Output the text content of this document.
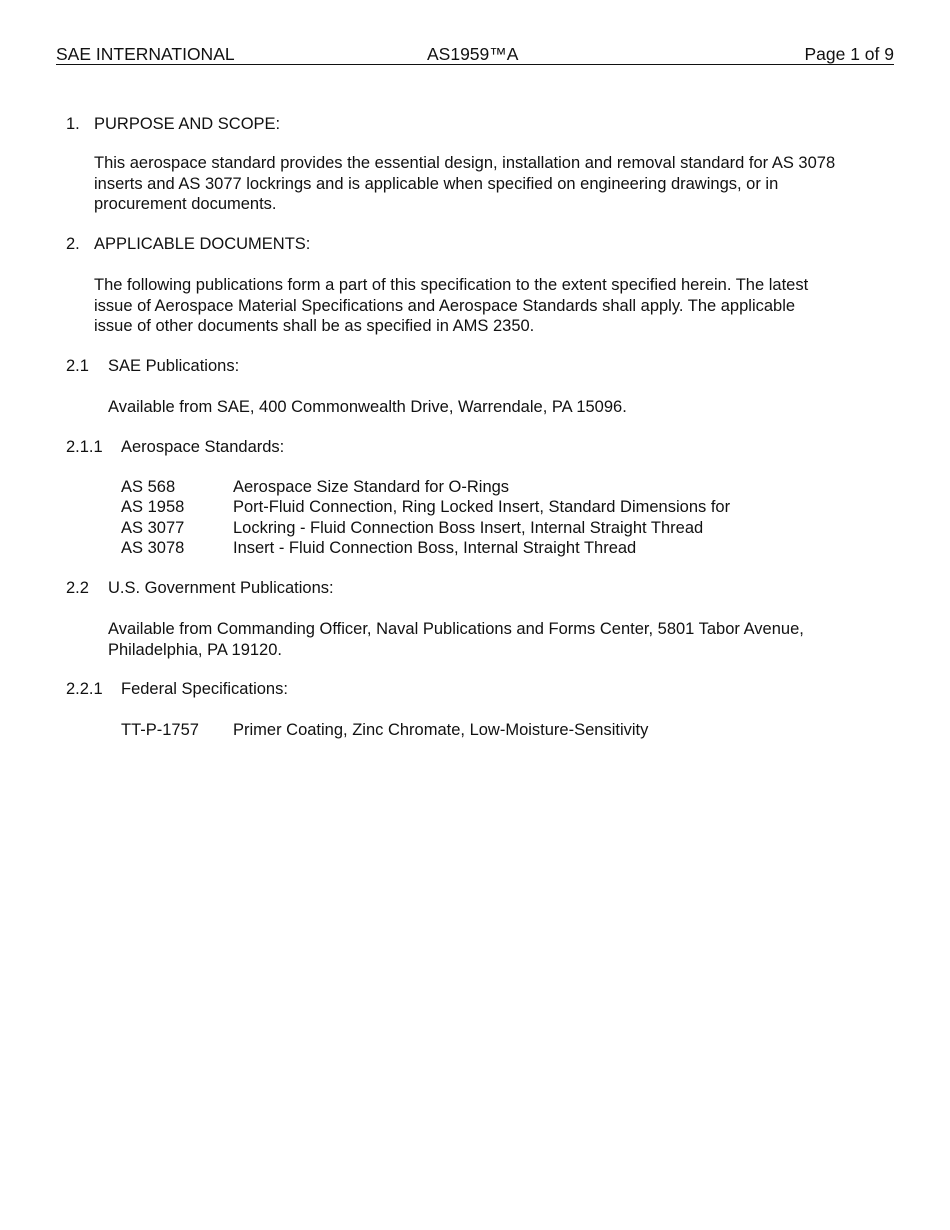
SAE INTERNATIONAL	AS1959™A	Page 1 of 9
1. PURPOSE AND SCOPE:
This aerospace standard provides the essential design, installation and removal standard for AS 3078
inserts and AS 3077 lockrings and is applicable when specified on engineering drawings, or in
procurement documents.
2. APPLICABLE DOCUMENTS:
The following publications form a part of this specification to the extent specified herein. The latest
issue of Aerospace Material Specifications and Aerospace Standards shall apply. The applicable
issue of other documents shall be as specified in AMS 2350.
2.1 SAE Publications:
Available from SAE, 400 Commonwealth Drive, Warrendale, PA 15096.
2.1.1 Aerospace Standards:
AS 568	Aerospace Size Standard for O-Rings
AS 1958	Port-Fluid Connection, Ring Locked Insert, Standard Dimensions for
AS 3077	Lockring - Fluid Connection Boss Insert, Internal Straight Thread
AS 3078	Insert - Fluid Connection Boss, Internal Straight Thread
2.2 U.S. Government Publications:
Available from Commanding Officer, Naval Publications and Forms Center, 5801 Tabor Avenue,
Philadelphia, PA 19120.
2.2.1 Federal Specifications:
TT-P-1757 Primer Coating, Zinc Chromate, Low-Moisture-Sensitivity
